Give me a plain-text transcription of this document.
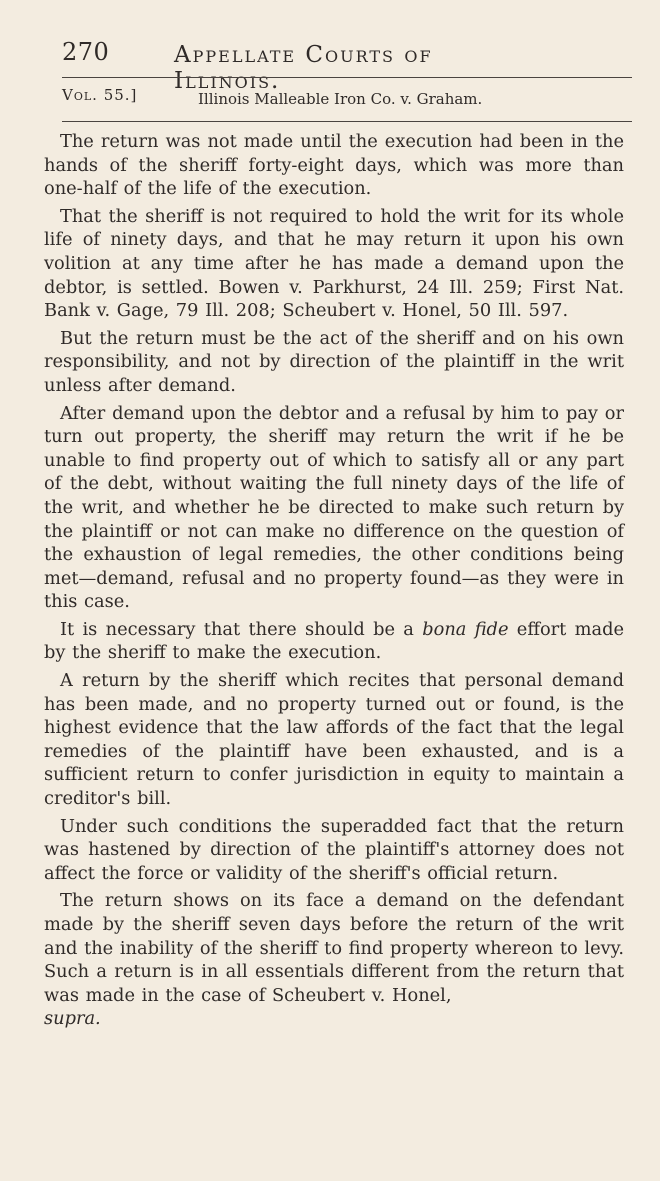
270	Appellate Courts of Illinois.
Vol. 55.]	Illinois Malleable Iron Co. v. Graham.

The return was not made until the execution had been in the hands of the sheriff forty-eight days, which was more than one-half of the life of the execution.

That the sheriff is not required to hold the writ for its whole life of ninety days, and that he may return it upon his own volition at any time after he has made a demand upon the debtor, is settled. Bowen v. Parkhurst, 24 Ill. 259; First Nat. Bank v. Gage, 79 Ill. 208; Scheubert v. Honel, 50 Ill. 597.

But the return must be the act of the sheriff and on his own responsibility, and not by direction of the plaintiff in the writ unless after demand.

After demand upon the debtor and a refusal by him to pay or turn out property, the sheriff may return the writ if he be unable to find property out of which to satisfy all or any part of the debt, without waiting the full ninety days of the life of the writ, and whether he be directed to make such return by the plaintiff or not can make no difference on the question of the exhaustion of legal remedies, the other conditions being met—demand, refusal and no property found—as they were in this case.

It is necessary that there should be a bona fide effort made by the sheriff to make the execution.

A return by the sheriff which recites that personal demand has been made, and no property turned out or found, is the highest evidence that the law affords of the fact that the legal remedies of the plaintiff have been exhausted, and is a sufficient return to confer jurisdiction in equity to maintain a creditor's bill.

Under such conditions the superadded fact that the return was hastened by direction of the plaintiff's attorney does not affect the force or validity of the sheriff's official return.

The return shows on its face a demand on the defendant made by the sheriff seven days before the return of the writ and the inability of the sheriff to find property whereon to levy. Such a return is in all essentials different from the return that was made in the case of Scheubert v. Honel,
supra.
